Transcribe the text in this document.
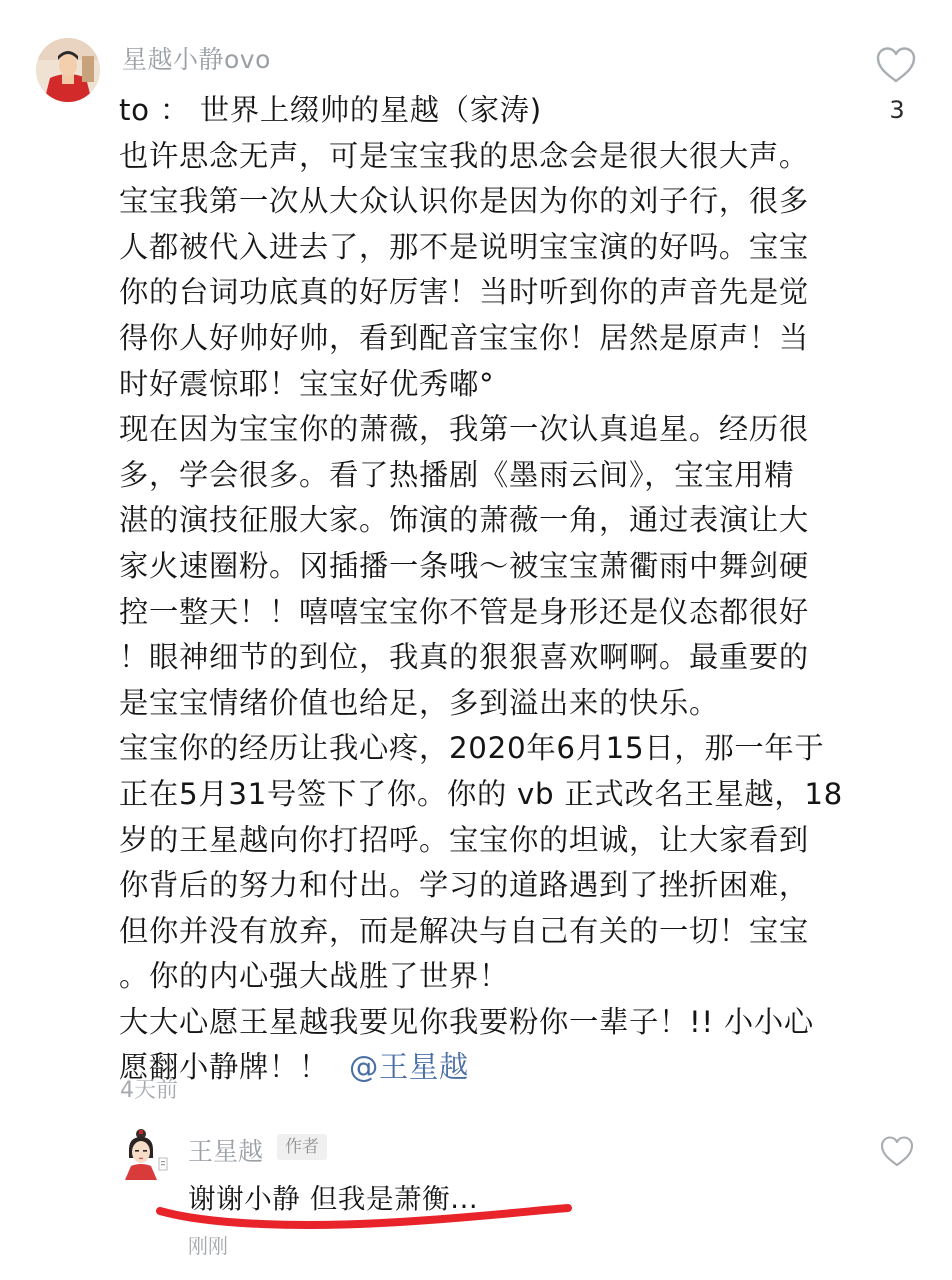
星越小静ovo
3

to ： 世界上缀帅的星越（家涛)

也许思念无声，可是宝宝我的思念会是很大很大声。

宝宝我第一次从大众认识你是因为你的刘子行，很多

人都被代入进去了，那不是说明宝宝演的好吗。宝宝

你的台词功底真的好厉害！当时听到你的声音先是觉

得你人好帅好帅，看到配音宝宝你！居然是原声！当

时好震惊耶！宝宝好优秀嘟°

现在因为宝宝你的萧薇，我第一次认真追星。经历很

多，学会很多。看了热播剧《墨雨云间》，宝宝用精

湛的演技征服大家。饰演的萧薇一角，通过表演让大

家火速圈粉。冈插播一条哦～被宝宝萧衢雨中舞剑硬

控一整天！！嘻嘻宝宝你不管是身形还是仪态都很好

！眼神细节的到位，我真的狠狠喜欢啊啊。最重要的

是宝宝情绪价值也给足，多到溢出来的快乐。

宝宝你的经历让我心疼，2020年6月15日，那一年于

正在5月31号签下了你。你的 vb 正式改名王星越，18

岁的王星越向你打招呼。宝宝你的坦诚，让大家看到

你背后的努力和付出。学习的道路遇到了挫折困难，

但你并没有放弃，而是解决与自己有关的一切！宝宝

。你的内心强大战胜了世界！

大大心愿王星越我要见你我要粉你一辈子！!! 小小心

愿翻小静牌！！ @王星越

4天前
王星越	作者
谢谢小静 但我是萧衡...
刚刚
